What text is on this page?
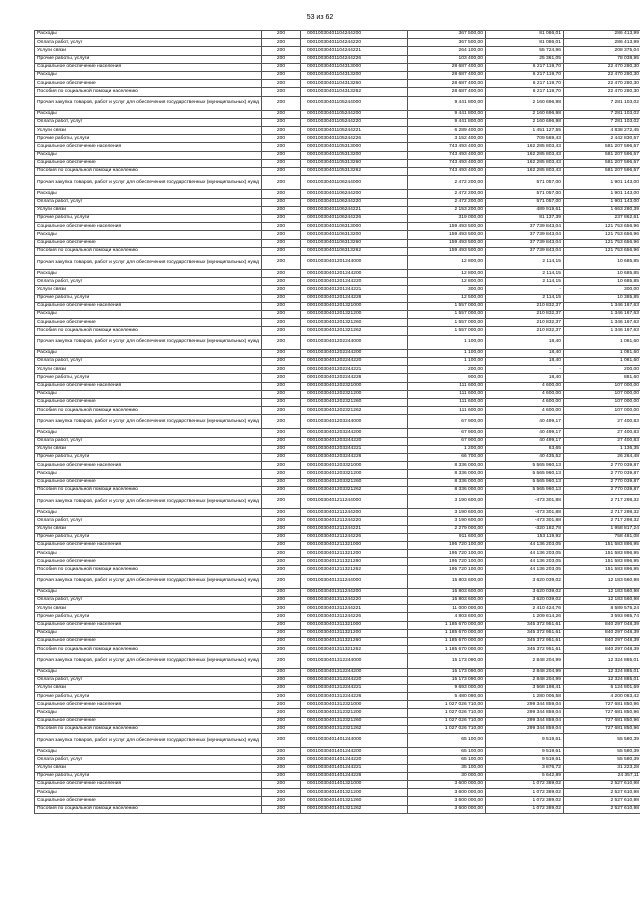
53 из 62
Расходы	200	00010030401104244200	367 500,00	81 086,01	286 413,99
Оплата работ, услуг	200	00010030401104244220	367 500,00	81 086,01	286 413,99
Услуги связи	200	00010030401104244221	264 100,00	55 724,96	208 375,04
Прочие работы, услуги	200	00010030401104244226	103 400,00	25 361,05	78 038,95
Социальное обеспечение населения	200	00010030401104313000	28 687 400,00	6 217 119,70	22 470 280,30
Расходы	200	00010030401104313200	28 687 400,00	6 217 119,70	22 470 280,30
Социальное обеспечение	200	00010030401104313260	28 687 400,00	6 217 119,70	22 470 280,30
Пособия по социальной помощи населению	200	00010030401104313262	28 687 400,00	6 217 119,70	22 470 280,30
Прочая закупка товаров, работ и услуг для обеспечения государственных (муниципальных) нужд	200	00010030401105244000	9 441 800,00	2 160 696,98	7 281 103,02
Расходы	200	00010030401105244200	9 441 800,00	2 160 696,98	7 281 103,02
Оплата работ, услуг	200	00010030401105244220	9 441 800,00	2 160 696,98	7 281 103,02
Услуги связи	200	00010030401105244221	6 289 400,00	1 451 127,55	4 838 272,45
Прочие работы, услуги	200	00010030401105244226	3 152 400,00	709 569,43	2 442 830,57
Социальное обеспечение населения	200	00010030401105313000	743 493 400,00	162 285 803,43	581 207 596,57
Расходы	200	00010030401105313200	743 493 400,00	162 285 803,43	581 207 596,57
Социальное обеспечение	200	00010030401105313260	743 493 400,00	162 285 803,43	581 207 596,57
Пособия по социальной помощи населению	200	00010030401105313262	743 493 400,00	162 285 803,43	581 207 596,57
Прочая закупка товаров, работ и услуг для обеспечения государственных (муниципальных) нужд	200	00010030401106244000	2 472 200,00	571 057,00	1 901 143,00
Расходы	200	00010030401106244200	2 472 200,00	571 057,00	1 901 143,00
Оплата работ, услуг	200	00010030401106244220	2 472 200,00	571 057,00	1 901 143,00
Услуги связи	200	00010030401106244221	2 153 200,00	489 919,61	1 663 280,39
Прочие работы, услуги	200	00010030401106244226	319 000,00	81 137,39	237 862,61
Социальное обеспечение населения	200	00010030401106313000	159 493 500,00	37 739 843,04	121 753 656,96
Расходы	200	00010030401106313200	159 493 500,00	37 739 843,04	121 753 656,96
Социальное обеспечение	200	00010030401106313260	159 493 500,00	37 739 843,04	121 753 656,96
Пособия по социальной помощи населению	200	00010030401106313262	159 493 500,00	37 739 843,04	121 753 656,96
Прочая закупка товаров, работ и услуг для обеспечения государственных (муниципальных) нужд	200	00010030401201244000	12 800,00	2 114,15	10 685,85
Расходы	200	00010030401201244200	12 800,00	2 114,15	10 685,85
Оплата работ, услуг	200	00010030401201244220	12 800,00	2 114,15	10 685,85
Услуги связи	200	00010030401201244221	300,00	-	300,00
Прочие работы, услуги	200	00010030401201244226	12 500,00	2 114,15	10 385,85
Социальное обеспечение населения	200	00010030401201321000	1 557 000,00	210 832,37	1 346 167,63
Расходы	200	00010030401201321200	1 557 000,00	210 832,37	1 346 167,63
Социальное обеспечение	200	00010030401201321260	1 557 000,00	210 832,37	1 346 167,63
Пособия по социальной помощи населению	200	00010030401201321262	1 557 000,00	210 832,37	1 346 167,63
Прочая закупка товаров, работ и услуг для обеспечения государственных (муниципальных) нужд	200	00010030401202244000	1 100,00	18,40	1 081,60
Расходы	200	00010030401202244200	1 100,00	18,40	1 081,60
Оплата работ, услуг	200	00010030401202244220	1 100,00	18,40	1 081,60
Услуги связи	200	00010030401202244221	200,00	-	200,00
Прочие работы, услуги	200	00010030401202244226	900,00	18,40	881,60
Социальное обеспечение населения	200	00010030401202321000	111 600,00	4 600,00	107 000,00
Расходы	200	00010030401202321200	111 600,00	4 600,00	107 000,00
Социальное обеспечение	200	00010030401202321260	111 600,00	4 600,00	107 000,00
Пособия по социальной помощи населению	200	00010030401202321262	111 600,00	4 600,00	107 000,00
Прочая закупка товаров, работ и услуг для обеспечения государственных (муниципальных) нужд	200	00010030401203244000	67 900,00	40 499,17	27 400,83
Расходы	200	00010030401203244200	67 900,00	40 499,17	27 400,83
Оплата работ, услуг	200	00010030401203244220	67 900,00	40 499,17	27 400,83
Услуги связи	200	00010030401203244221	1 200,00	63,65	1 136,35
Прочие работы, услуги	200	00010030401203244226	66 700,00	40 435,52	26 264,48
Социальное обеспечение населения	200	00010030401203321000	8 336 000,00	5 565 960,13	2 770 039,87
Расходы	200	00010030401203321200	8 336 000,00	5 565 960,13	2 770 039,87
Социальное обеспечение	200	00010030401203321260	8 336 000,00	5 565 960,13	2 770 039,87
Пособия по социальной помощи населению	200	00010030401203321262	8 336 000,00	5 565 960,13	2 770 039,87
Прочая закупка товаров, работ и услуг для обеспечения государственных (муниципальных) нужд	200	00010030401211244000	3 190 600,00	-473 301,88	2 717 298,32
Расходы	200	00010030401211244200	3 190 600,00	-473 301,88	2 717 298,32
Оплата работ, услуг	200	00010030401211244220	3 190 600,00	-473 301,88	2 717 298,32
Услуги связи	200	00010030401211244221	2 279 000,00	-320 182,78	1 958 817,24
Прочие работы, услуги	200	00010030401211244226	911 600,00	153 119,92	758 481,08
Социальное обеспечение населения	200	00010030401211321000	195 720 100,00	44 136 203,05	151 583 896,95
Расходы	200	00010030401211321200	195 720 100,00	44 136 203,05	151 583 896,95
Социальное обеспечение	200	00010030401211321260	195 720 100,00	44 136 203,05	151 583 896,95
Пособия по социальной помощи населению	200	00010030401211321262	195 720 100,00	44 136 203,05	151 583 896,95
Прочая закупка товаров, работ и услуг для обеспечения государственных (муниципальных) нужд	200	00010030401311244000	15 803 600,00	3 620 039,02	12 183 560,98
Расходы	200	00010030401311244200	15 803 600,00	3 620 039,02	12 183 560,98
Оплата работ, услуг	200	00010030401311244220	15 803 600,00	3 620 039,02	12 183 560,98
Услуги связи	200	00010030401311244221	11 000 000,00	2 410 424,76	8 589 575,24
Прочие работы, услуги	200	00010030401311244226	4 803 600,00	1 209 614,26	3 593 985,74
Социальное обеспечение населения	200	00010030401311321000	1 185 670 000,00	345 372 951,61	840 297 048,39
Расходы	200	00010030401311321200	1 185 670 000,00	345 372 951,61	840 297 048,39
Социальное обеспечение	200	00010030401311321260	1 185 670 000,00	345 372 951,61	840 297 048,39
Пособия по социальной помощи населению	200	00010030401311321262	1 185 670 000,00	345 372 951,61	840 297 048,39
Прочая закупка товаров, работ и услуг для обеспечения государственных (муниципальных) нужд	200	00010030401312244000	15 173 090,00	2 848 204,99	12 324 885,01
Расходы	200	00010030401312244200	15 173 090,00	2 848 204,99	12 324 885,01
Оплата работ, услуг	200	00010030401312244220	15 173 090,00	2 848 204,99	12 324 885,01
Услуги связи	200	00010030401312244221	9 693 000,00	3 568 198,41	6 124 801,59
Прочие работы, услуги	200	00010030401312244226	5 480 090,00	1 280 006,58	4 200 083,42
Социальное обеспечение населения	200	00010030401312321000	1 027 026 710,00	299 344 859,04	727 681 850,96
Расходы	200	00010030401312321200	1 027 026 710,00	299 344 859,04	727 681 850,96
Социальное обеспечение	200	00010030401312321260	1 027 026 710,00	299 344 859,04	727 681 850,96
Пособия по социальной помощи населению	200	00010030401312321262	1 027 026 710,00	299 344 859,04	727 681 850,96
Прочая закупка товаров, работ и услуг для обеспечения государственных (муниципальных) нужд	200	00010030401401244000	65 100,00	9 519,61	55 580,39
Расходы	200	00010030401401244200	65 100,00	9 519,61	55 580,39
Оплата работ, услуг	200	00010030401401244220	65 100,00	9 519,61	55 580,39
Услуги связи	200	00010030401401244221	35 100,00	3 876,72	31 223,28
Прочие работы, услуги	200	00010030401401244226	30 000,00	5 642,89	24 357,11
Социальное обеспечение населения	200	00010030401401321000	3 600 000,00	1 072 389,02	2 527 610,98
Расходы	200	00010030401401321200	3 600 000,00	1 072 389,02	2 527 610,98
Социальное обеспечение	200	00010030401401321260	3 600 000,00	1 072 389,02	2 527 610,98
Пособия по социальной помощи населению	200	00010030401401321262	3 600 000,00	1 072 389,02	2 527 610,98
